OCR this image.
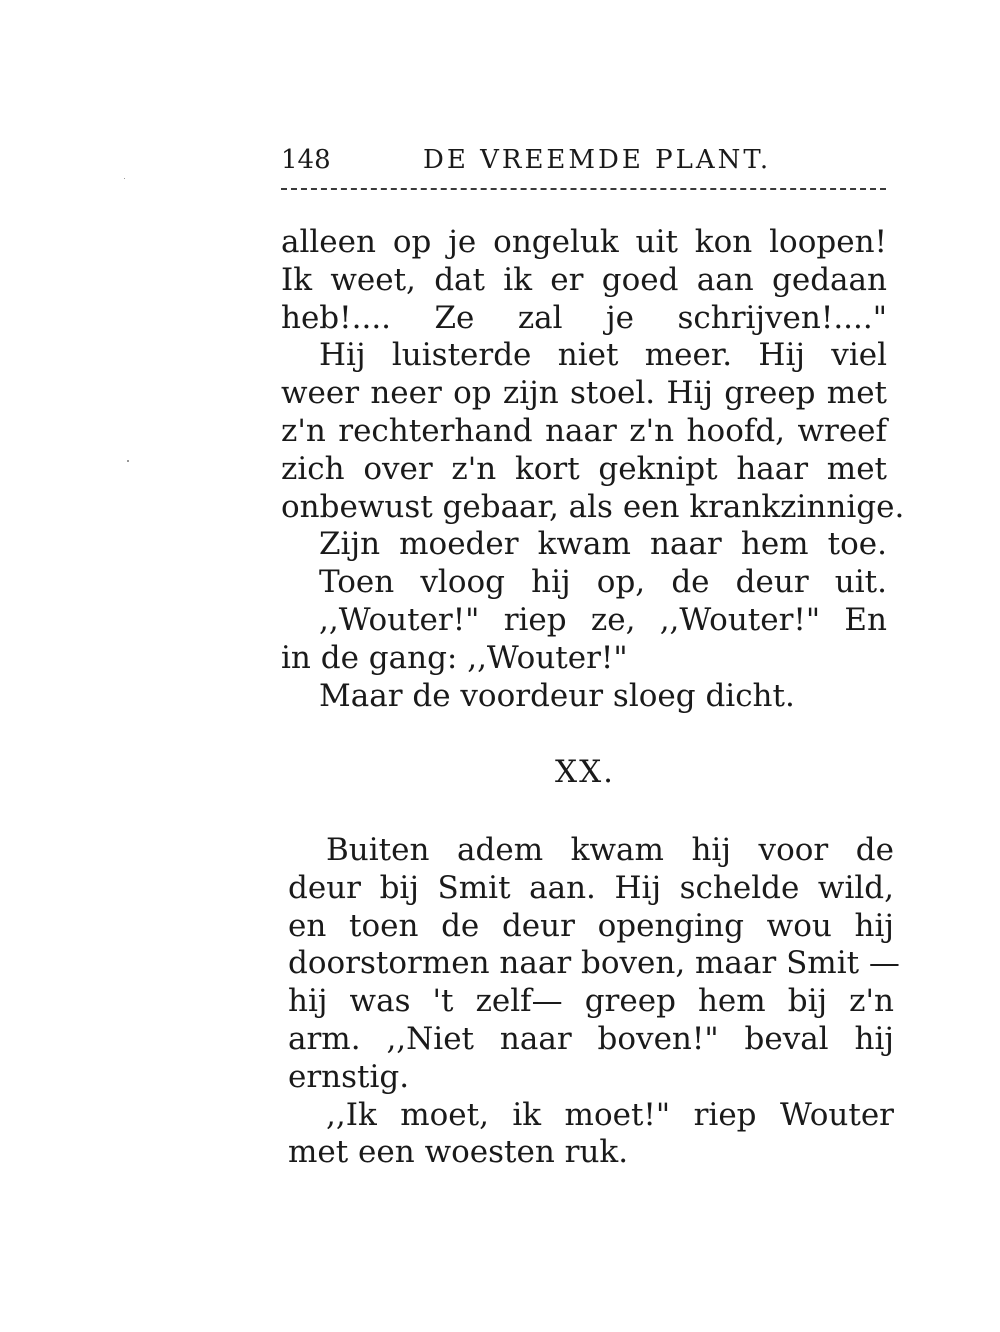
148	DE VREEMDE PLANT.
alleen op je ongeluk uit kon loopen!
Ik weet, dat ik er goed aan gedaan
heb!.... Ze zal je schrijven!...."
Hij luisterde niet meer. Hij viel
weer neer op zijn stoel. Hij greep met
z'n rechterhand naar z'n hoofd, wreef
zich over z'n kort geknipt haar met
onbewust gebaar, als een krankzinnige.
Zijn moeder kwam naar hem toe.
Toen vloog hij op, de deur uit.
,,Wouter!" riep ze, ,,Wouter!" En
in de gang: ,,Wouter!"
Maar de voordeur sloeg dicht.
XX.
Buiten adem kwam hij voor de
deur bij Smit aan. Hij schelde wild,
en toen de deur openging wou hij
doorstormen naar boven, maar Smit —
hij was 't zelf— greep hem bij z'n
arm. ,,Niet naar boven!" beval hij
ernstig.
,,Ik moet, ik moet!" riep Wouter
met een woesten ruk.
